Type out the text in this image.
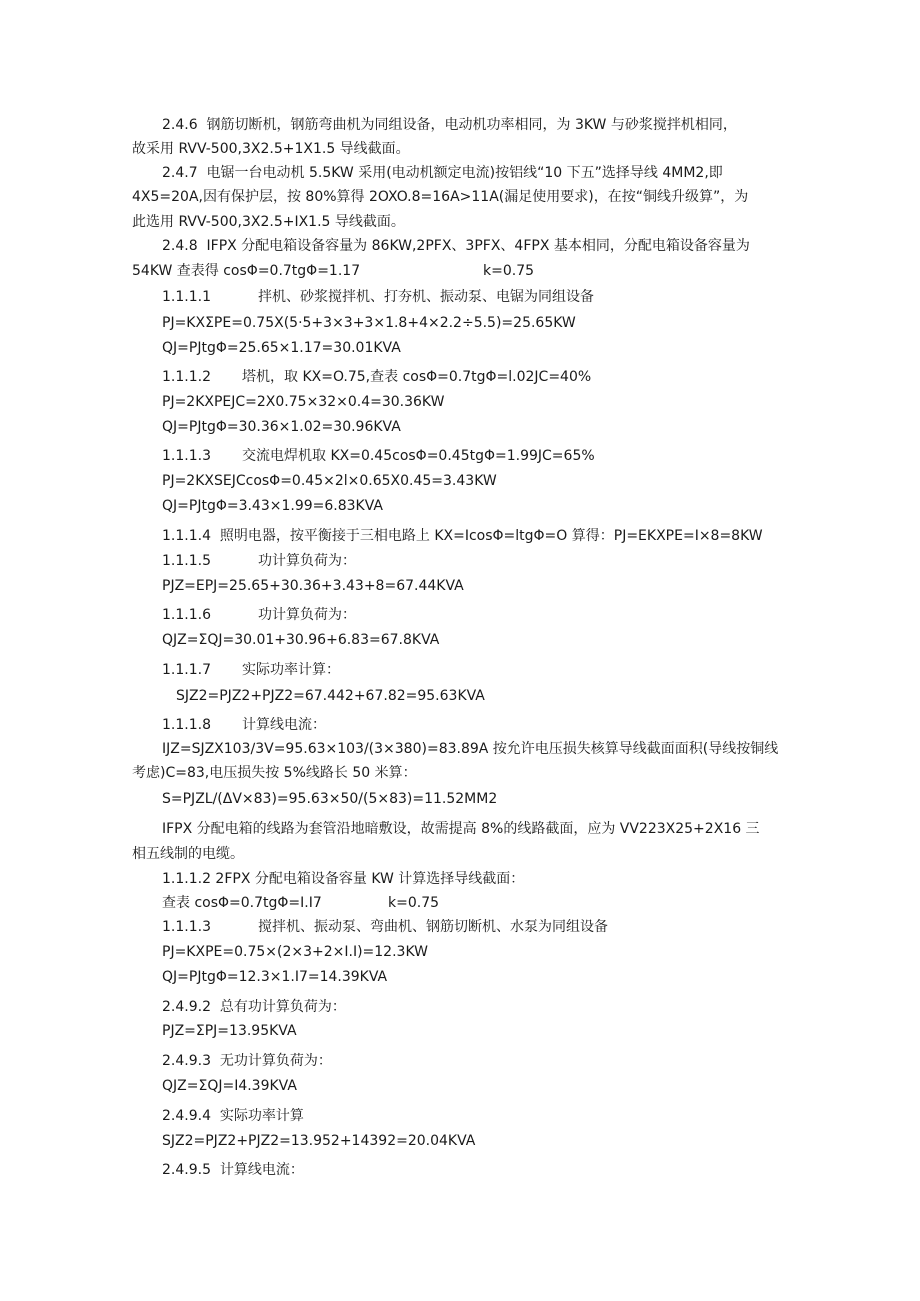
2.4.6  钢筋切断机，钢筋弯曲机为同组设备，电动机功率相同，为 3KW 与砂浆搅拌机相同，
故采用 RVV-500,3X2.5+1X1.5 导线截面。
2.4.7  电锯一台电动机 5.5KW 采用(电动机额定电流)按铝线“10 下五”选择导线 4MM2,即
4X5=20A,因有保护层，按 80%算得 2OXO.8=16A>11A(漏足使用要求)，在按“铜线升级算”，为
此选用 RVV-500,3X2.5+IX1.5 导线截面。
2.4.8  IFPX 分配电箱设备容量为 86KW,2PFX、3PFX、4FPX 基本相同，分配电箱设备容量为
54KW 查表得 cosΦ=0.7tgΦ=1.17	k=0.75
1.1.1.1	拌机、砂浆搅拌机、打夯机、振动泵、电锯为同组设备
PJ=KXΣPE=0.75X(5·5+3×3+3×1.8+4×2.2÷5.5)=25.65KW
QJ=PJtgΦ=25.65×1.17=30.01KVA
1.1.1.2 塔机，取 KX=O.75,查表 cosΦ=0.7tgΦ=l.02JC=40%
PJ=2KXPEJC=2X0.75×32×0.4=30.36KW
QJ=PJtgΦ=30.36×1.02=30.96KVA
1.1.1.3 交流电焊机取 KX=0.45cosΦ=0.45tgΦ=1.99JC=65%
PJ=2KXSEJCcosΦ=0.45×2l×0.65X0.45=3.43KW
QJ=PJtgΦ=3.43×1.99=6.83KVA
1.1.1.4  照明电器，按平衡接于三相电路上 KX=IcosΦ=ltgΦ=O 算得：PJ=EKXPE=I×8=8KW
1.1.1.5	功计算负荷为：
PJZ=EPJ=25.65+30.36+3.43+8=67.44KVA
1.1.1.6	功计算负荷为：
QJZ=ΣQJ=30.01+30.96+6.83=67.8KVA
1.1.1.7 实际功率计算：
SJZ2=PJZ2+PJZ2=67.442+67.82=95.63KVA
1.1.1.8 计算线电流：
IJZ=SJZX103∕3V=95.63×103/(3×380)=83.89A 按允许电压损失核算导线截面面积(导线按铜线
考虑)C=83,电压损失按 5%线路长 50 米算：
S=PJZL/(ΔV×83)=95.63×50/(5×83)=11.52MM2
IFPX 分配电箱的线路为套管沿地暗敷设，故需提高 8%的线路截面，应为 VV223X25+2X16 三
相五线制的电缆。
1.1.1.2 2FPX 分配电箱设备容量 KW 计算选择导线截面：
查表 cosΦ=0.7tgΦ=I.I7	k=0.75
1.1.1.3	搅拌机、振动泵、弯曲机、钢筋切断机、水泵为同组设备
PJ=KXPE=0.75×(2×3+2×I.I)=12.3KW
QJ=PJtgΦ=12.3×1.I7=14.39KVA
2.4.9.2  总有功计算负荷为：
PJZ=ΣPJ=13.95KVA
2.4.9.3  无功计算负荷为：
QJZ=ΣQJ=I4.39KVA
2.4.9.4  实际功率计算
SJZ2=PJZ2+PJZ2=13.952+14392=20.04KVA
2.4.9.5  计算线电流：
